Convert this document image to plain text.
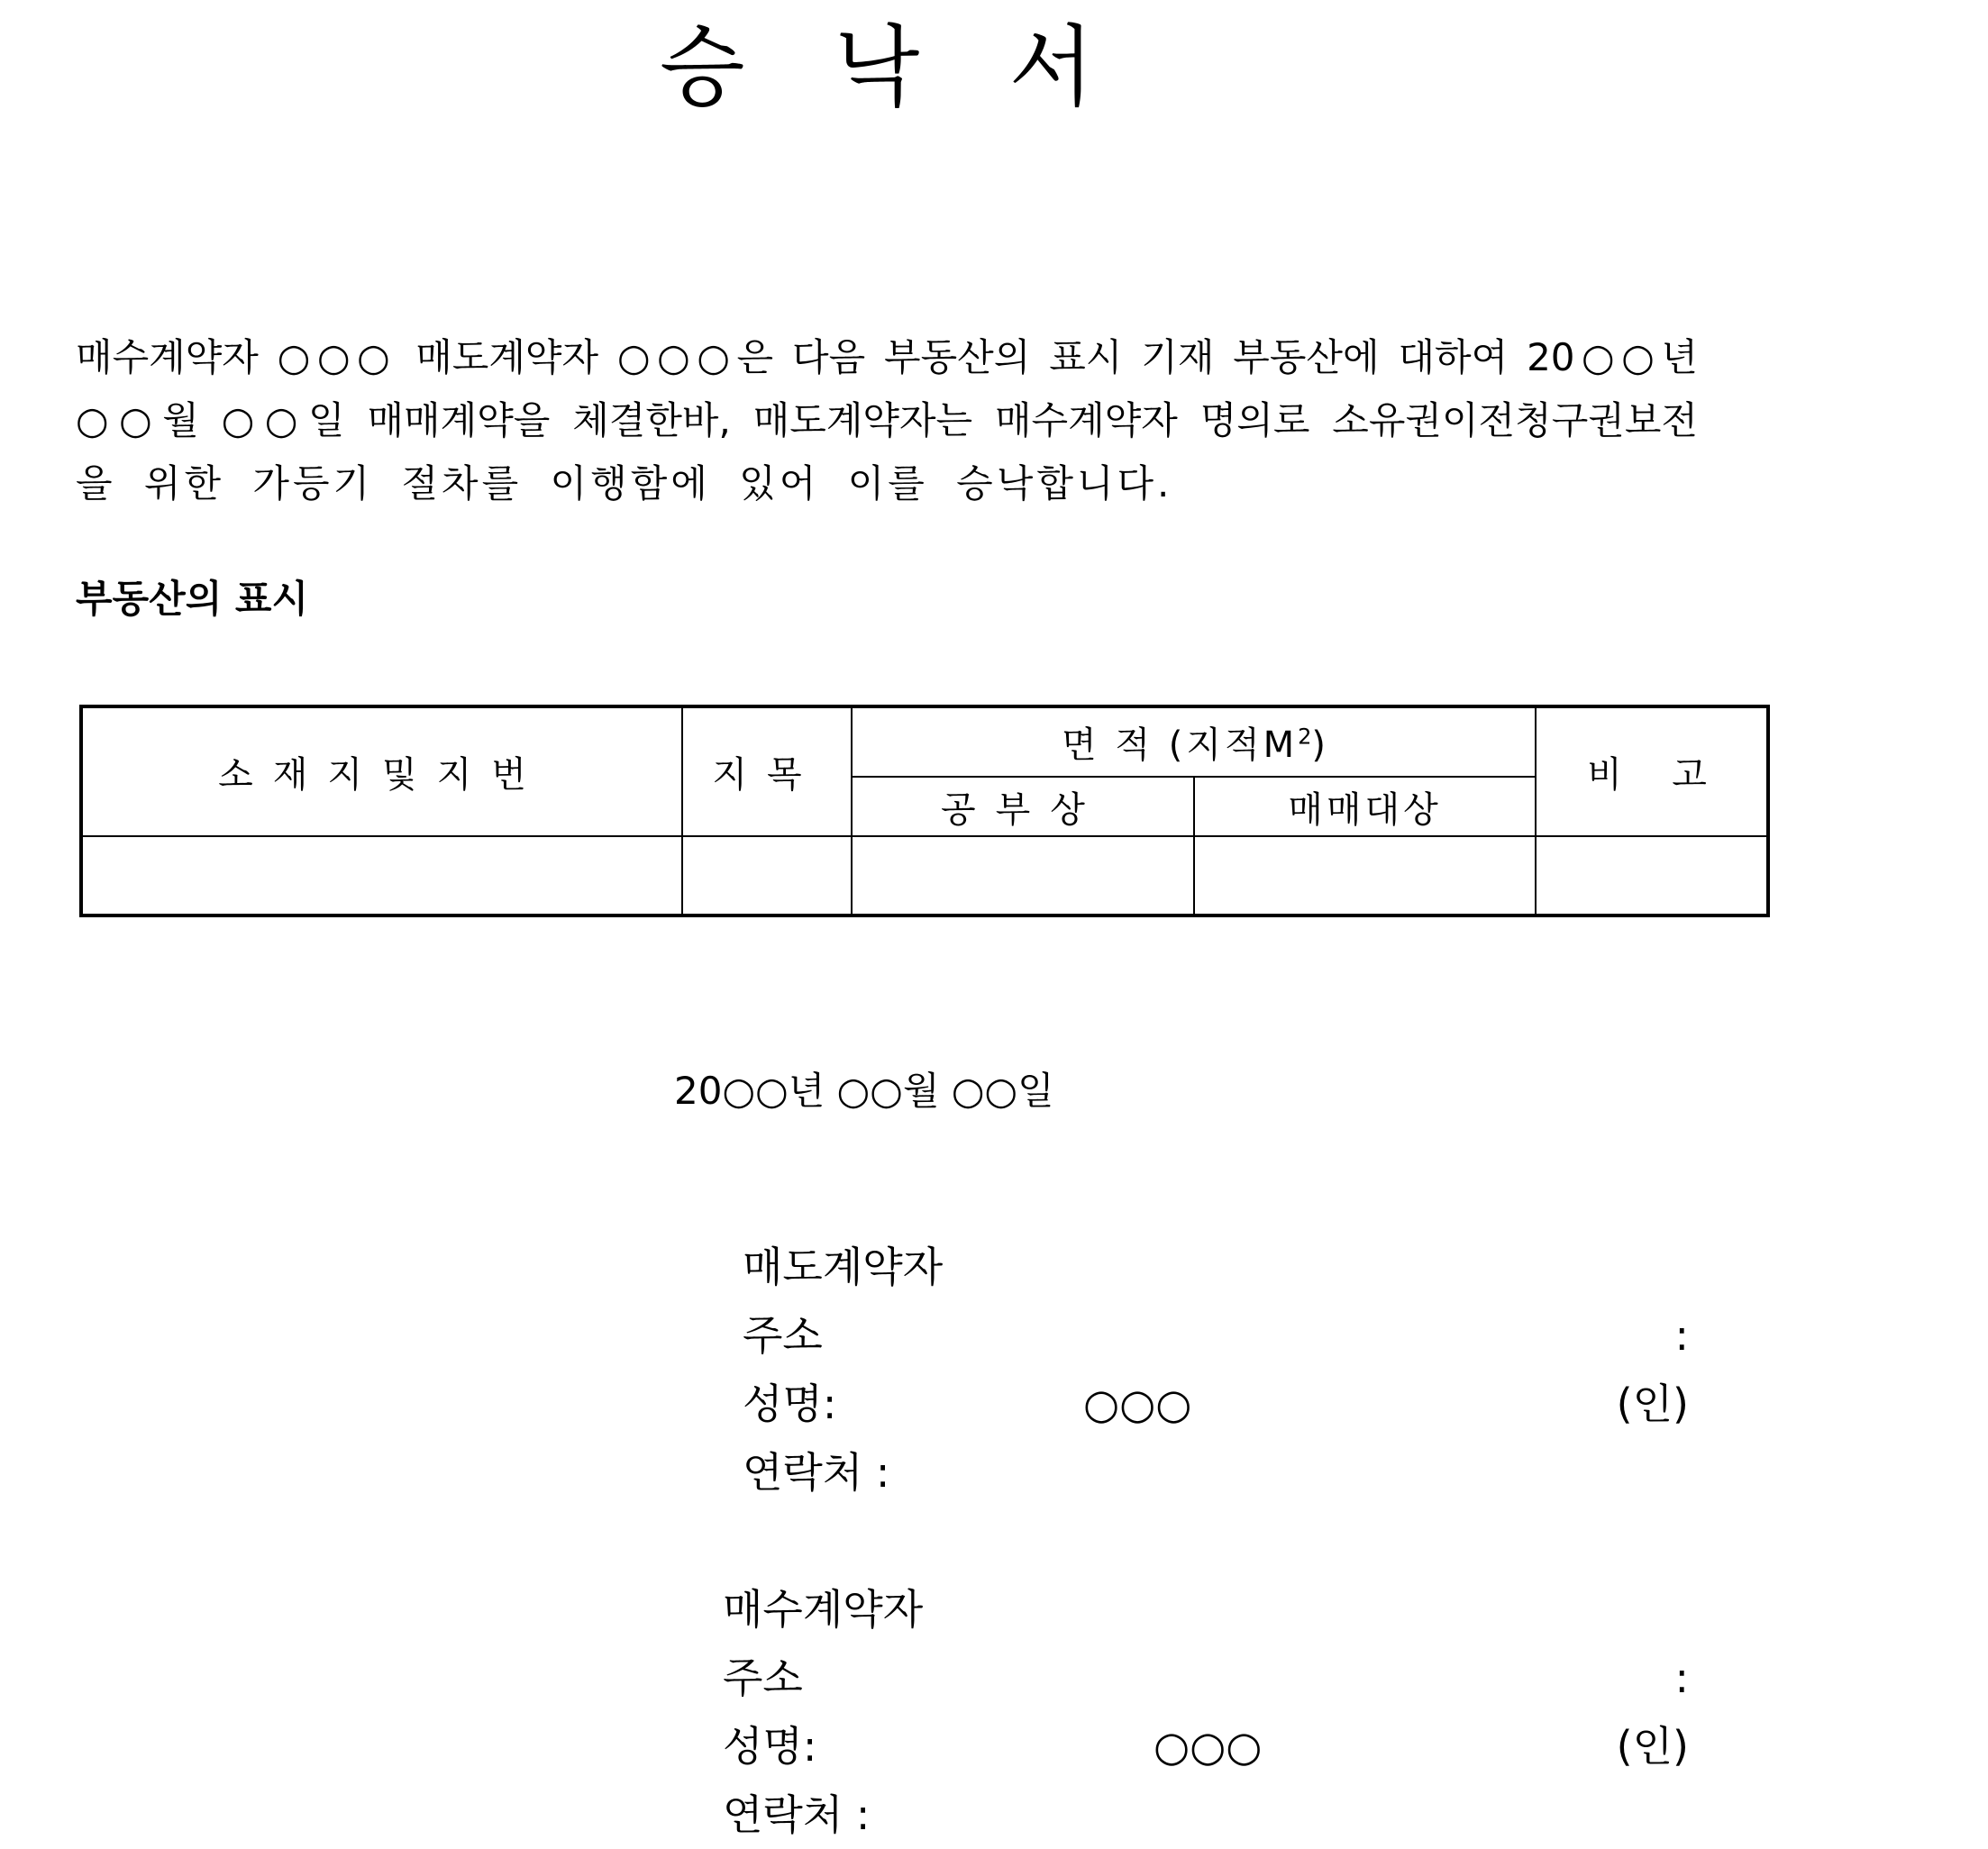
승 낙 서
매수계약자 ○○○ 매도계약자 ○○○은 다음 부동산의 표시 기재 부동산에 대하여 20○○년
○○월 ○○일 매매계약을 체결한바, 매도계약자는 매수계약자 명의로 소유권이전청구권보전
을 위한 가등기 절차를 이행함에 있어 이를 승낙합니다.
부동산의 표시
소재지및지번	지목	면 적 (지적$M^2$)		비  고
		공부상	매매대상	

20○○년 ○○월 ○○일
매도계약자
주소	:
성명:	○○○	(인)
연락처 :
매수계약자
주소	:
성명:	○○○	(인)
연락처 :
